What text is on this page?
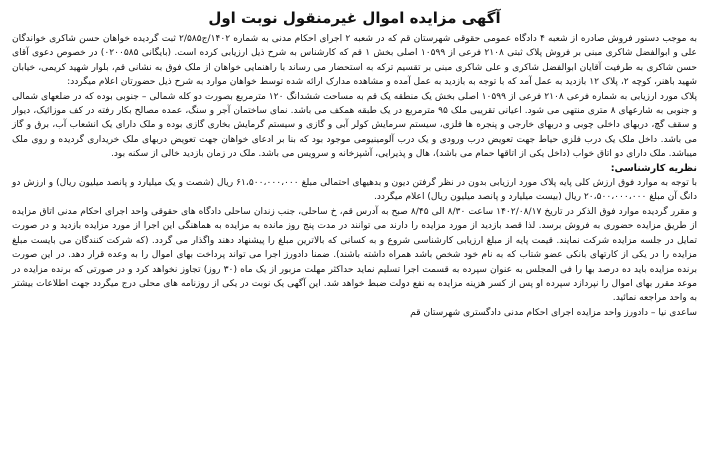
آگهی مزایده اموال غیرمنقول نوبت اول

به موجب دستور فروش صادره از شعبه ۴ دادگاه عمومی حقوقی شهرستان قم که در شعبه ۲ اجرای احکام مدنی به شماره ۱۴۰۲/ج۲/۵۸۵ ثبت گردیده خواهان حسن شاکری خواندگان علی و ابوالفضل شاکری مبنی بر فروش پلاک ثبتی ۲۱۰۸ فرعی از ۱۰۵۹۹ اصلی بخش ۱ قم که کارشناس به شرح ذیل ارزیابی کرده است. (بایگانی ۰۲۰۰۵۸۵) در خصوص دعوی آقای حسن شاکری به طرفیت آقایان ابوالفضل شاکری و علی شاکری مبنی بر تقسیم ترکه به استحضار می رساند با راهنمایی خواهان از ملک فوق به نشانی قم، بلوار شهید کریمی، خیابان شهید باهنر، کوچه ۲، پلاک ۱۲ بازدید به عمل آمد که با توجه به بازدید به عمل آمده و مشاهده مدارک ارائه شده توسط خواهان موارد به شرح ذیل حضورتان اعلام میگردد:

پلاک مورد ارزیابی به شماره فرعی ۲۱۰۸ فرعی از ۱۰۵۹۹ اصلی بخش یک منطقه یک قم به مساحت ششدانگ ۱۲۰ مترمربع بصورت دو کله شمالی – جنوبی بوده که در ضلعهای شمالی و جنوبی به شارعهای ۸ متری منتهی می شود. اعیانی تقریبی ملک ۹۵ مترمربع در یک طبقه همکف می باشد. نمای ساختمان آجر و سنگ، عمده مصالح بکار رفته در کف موزائیک، دیوار و سقف گچ، دربهای داخلی چوبی و دربهای خارجی و پنجره ها فلزی، سیستم سرمایش کولر آبی و گازی و سیستم گرمایش بخاری گازی بوده و ملک دارای یک انشعاب آب، برق و گاز می باشد. داخل ملک یک درب فلزی حیاط جهت تعویض درب ورودی و یک درب آلومینیومی موجود بود که بنا بر ادعای خواهان جهت تعویض دربهای ملک خریداری گردیده و روی ملک میباشد. ملک دارای دو اتاق خواب (داخل یکی از اتاقها حمام می باشد)، هال و پذیرایی، آشپزخانه و سرویس می باشد. ملک در زمان بازدید خالی از سکنه بود.

نظریه کارشناسی:

با توجه به موارد فوق ارزش کلی پایه پلاک مورد ارزیابی بدون در نظر گرفتن دیون و بدهیهای احتمالی مبلغ ۶۱،۵۰۰،۰۰۰،۰۰۰ ریال (شصت و یک میلیارد و پانصد میلیون ریال) و ارزش دو دانگ آن مبلغ ۲۰،۵۰۰،۰۰۰،۰۰۰ ریال (بیست میلیارد و پانصد میلیون ریال) اعلام میگردد.

و مقرر گردیده موارد فوق الذکر در تاریخ ۱۴۰۲/۰۸/۱۷ ساعت ۸/۳۰ الی ۸/۴۵ صبح به آدرس قم، خ ساحلی، جنب زندان ساحلی دادگاه های حقوقی واحد اجرای احکام مدنی اتاق مزایده از طریق مزایده حضوری به فروش برسد. لذا قصد بازدید از مورد مزایده را دارند می توانند در مدت پنج روز مانده به مزایده به هماهنگی این اجرا از مورد مزایده بازدید و در صورت تمایل در جلسه مزایده شرکت نمایند. قیمت پایه از مبلغ ارزیابی کارشناسی شروع و به کسانی که بالاترین مبلغ را پیشنهاد دهند واگذار می گردد. (که شرکت کنندگان می بایست مبلغ مزایده را در یکی از کارتهای بانکی عضو شتاب که به نام خود شخص باشد همراه داشته باشند). ضمنا دادورز اجرا می تواند پرداخت بهای اموال را به وعده قرار دهد. در این صورت برنده مزایده باید ده درصد بها را فی المجلس به عنوان سپرده به قسمت اجرا تسلیم نماید حداکثر مهلت مزبور از یک ماه (۳۰ روز) تجاوز نخواهد کرد و در صورتی که برنده مزایده در موعد مقرر بهای اموال را نپردازد سپرده او پس از کسر هزینه مزایده به نفع دولت ضبط خواهد شد. این آگهی یک نوبت در یکی از روزنامه های محلی درج میگردد جهت اطلاعات بیشتر به واحد مراجعه نمائید.

ساعدی نیا – دادورز واحد مزایده اجرای احکام مدنی دادگستری شهرستان قم
